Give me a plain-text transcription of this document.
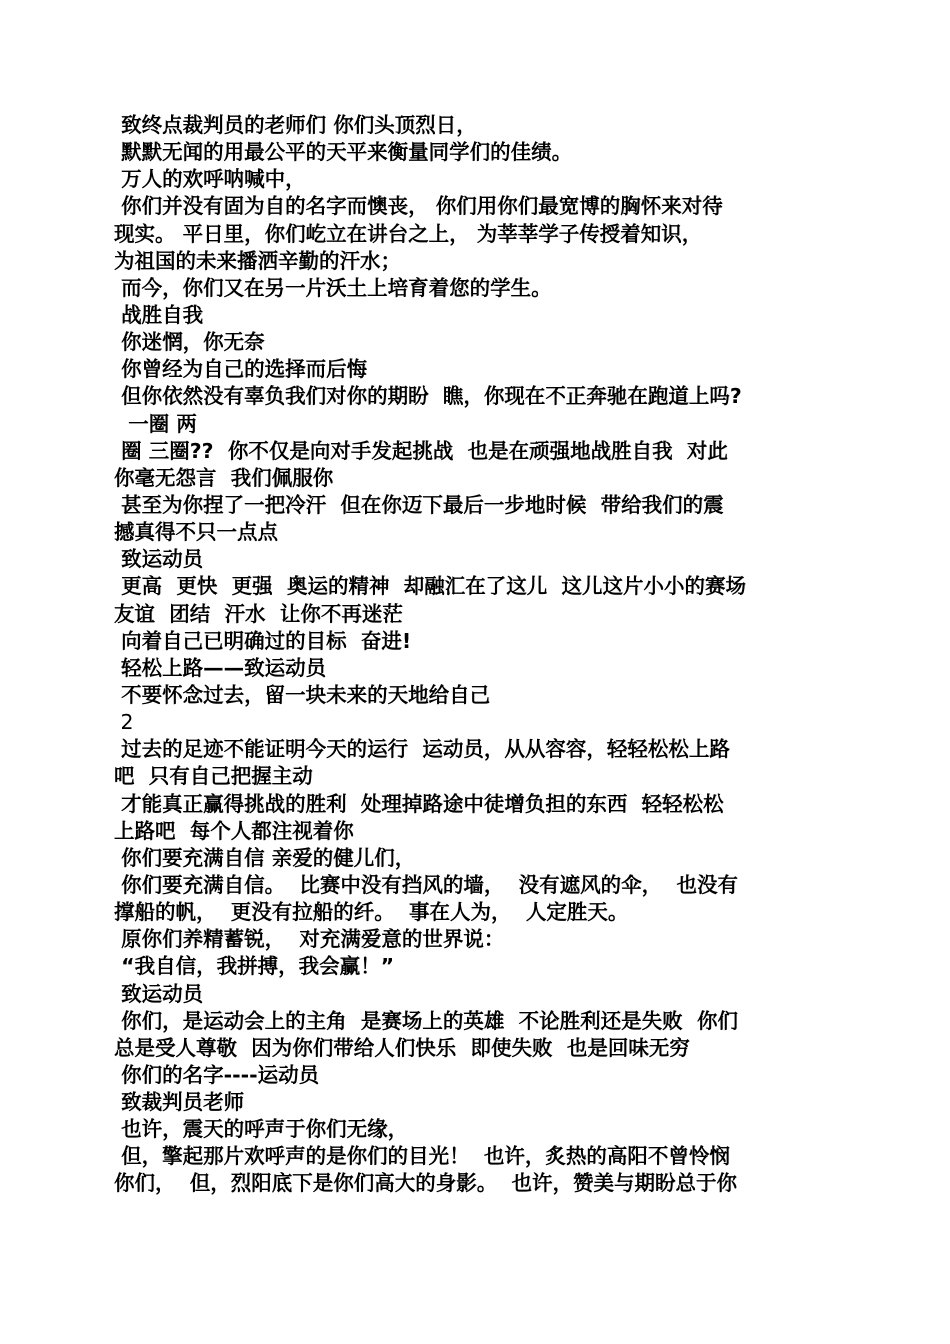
致终点裁判员的老师们 你们头顶烈日，
默默无闻的用最公平的天平来衡量同学们的佳绩。
万人的欢呼呐喊中，
你们并没有固为自的名字而懊丧， 你们用你们最宽博的胸怀来对待
现实。 平日里，你们屹立在讲台之上， 为莘莘学子传授着知识，
为祖国的未来播洒辛勤的汗水；
而今，你们又在另一片沃土上培育着您的学生。
战胜自我
你迷惘，你无奈
你曾经为自己的选择而后悔
但你依然没有辜负我们对你的期盼  瞧，你现在不正奔驰在跑道上吗?
一圈 两
圈 三圈??  你不仅是向对手发起挑战  也是在顽强地战胜自我  对此
你毫无怨言  我们佩服你
甚至为你捏了一把冷汗  但在你迈下最后一步地时候  带给我们的震
撼真得不只一点点
致运动员
更高  更快  更强  奥运的精神  却融汇在了这儿  这儿这片小小的赛场
友谊  团结  汗水  让你不再迷茫
向着自己已明确过的目标  奋进!
轻松上路——致运动员
不要怀念过去，留一块未来的天地给自己
2
过去的足迹不能证明今天的运行  运动员，从从容容，轻轻松松上路
吧  只有自己把握主动
才能真正赢得挑战的胜利  处理掉路途中徒增负担的东西  轻轻松松
上路吧  每个人都注视着你
你们要充满自信 亲爱的健儿们，
你们要充满自信。  比赛中没有挡风的墙，  没有遮风的伞，  也没有
撑船的帆，  更没有拉船的纤。  事在人为，  人定胜天。
原你们养精蓄锐，  对充满爱意的世界说：
“我自信，我拼搏，我会赢！”
致运动员
你们，是运动会上的主角  是赛场上的英雄  不论胜利还是失败  你们
总是受人尊敬  因为你们带给人们快乐  即使失败  也是回味无穷
你们的名字----运动员
致裁判员老师
也许，震天的呼声于你们无缘，
但，擎起那片欢呼声的是你们的目光！  也许，炙热的高阳不曾怜悯
你们，  但，烈阳底下是你们高大的身影。  也许，赞美与期盼总于你
